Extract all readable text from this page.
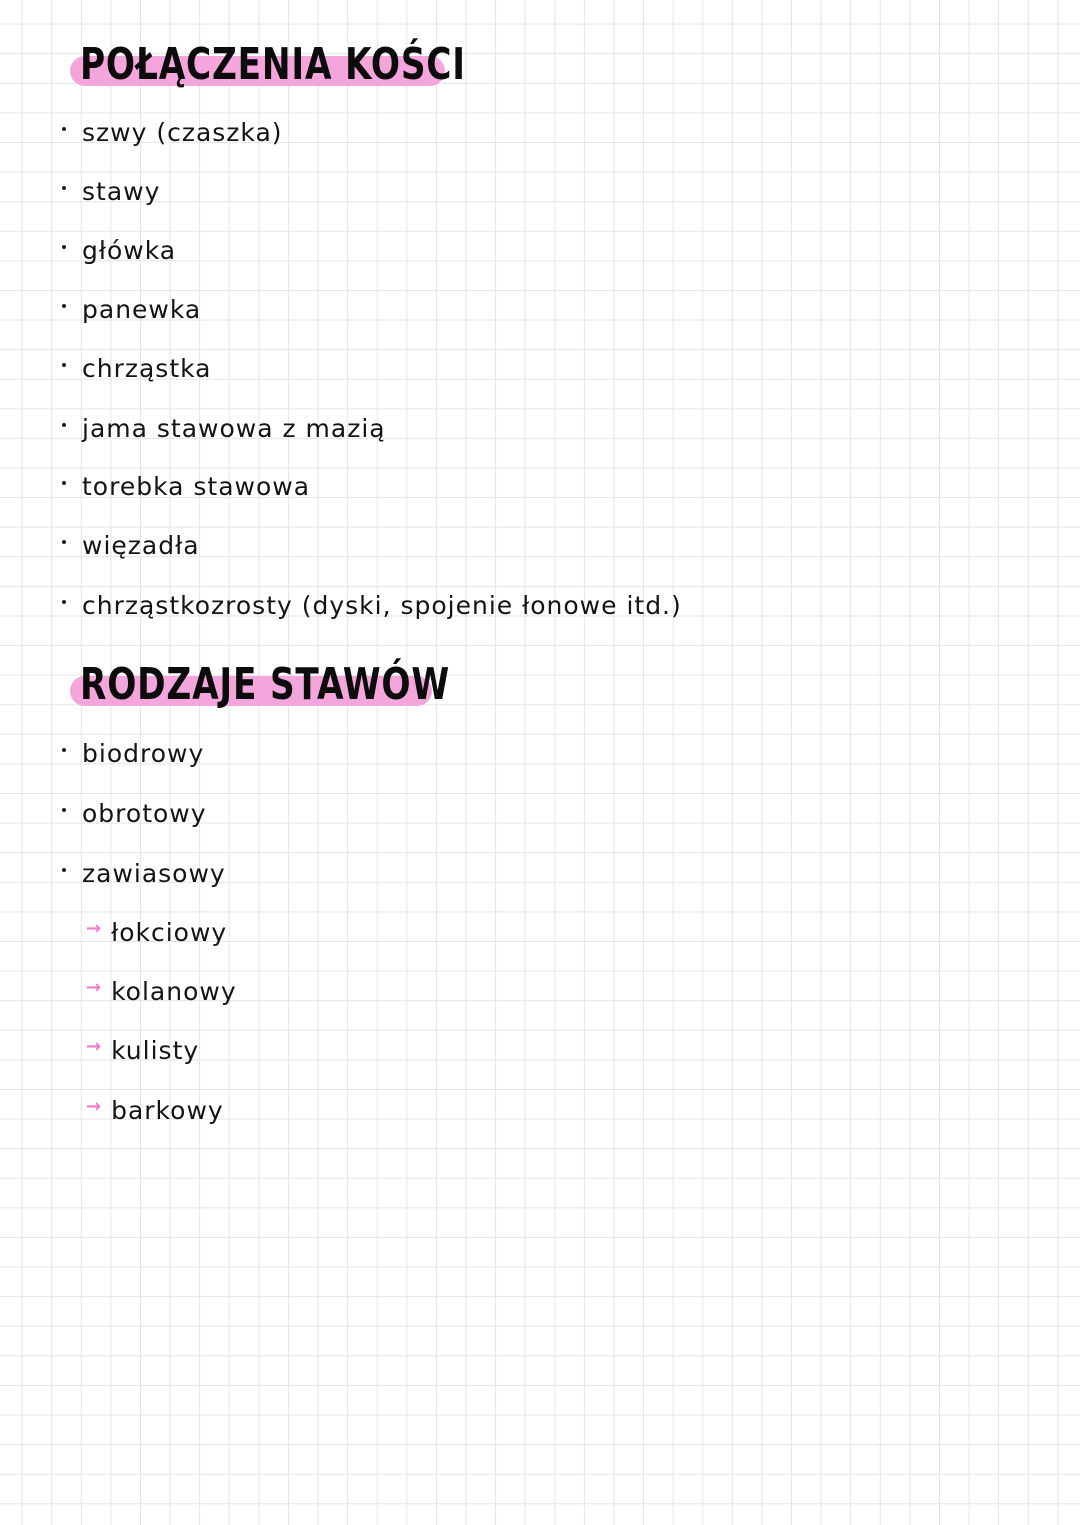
POŁĄCZENIA KOŚCI
szwy (czaszka)
stawy
główka
panewka
chrząstka
jama stawowa z mazią
torebka stawowa
więzadła
chrząstkozrosty (dyski, spojenie łonowe itd.)
RODZAJE STAWÓW
biodrowy
obrotowy
zawiasowy
→ łokciowy
→ kolanowy
→ kulisty
→ barkowy
